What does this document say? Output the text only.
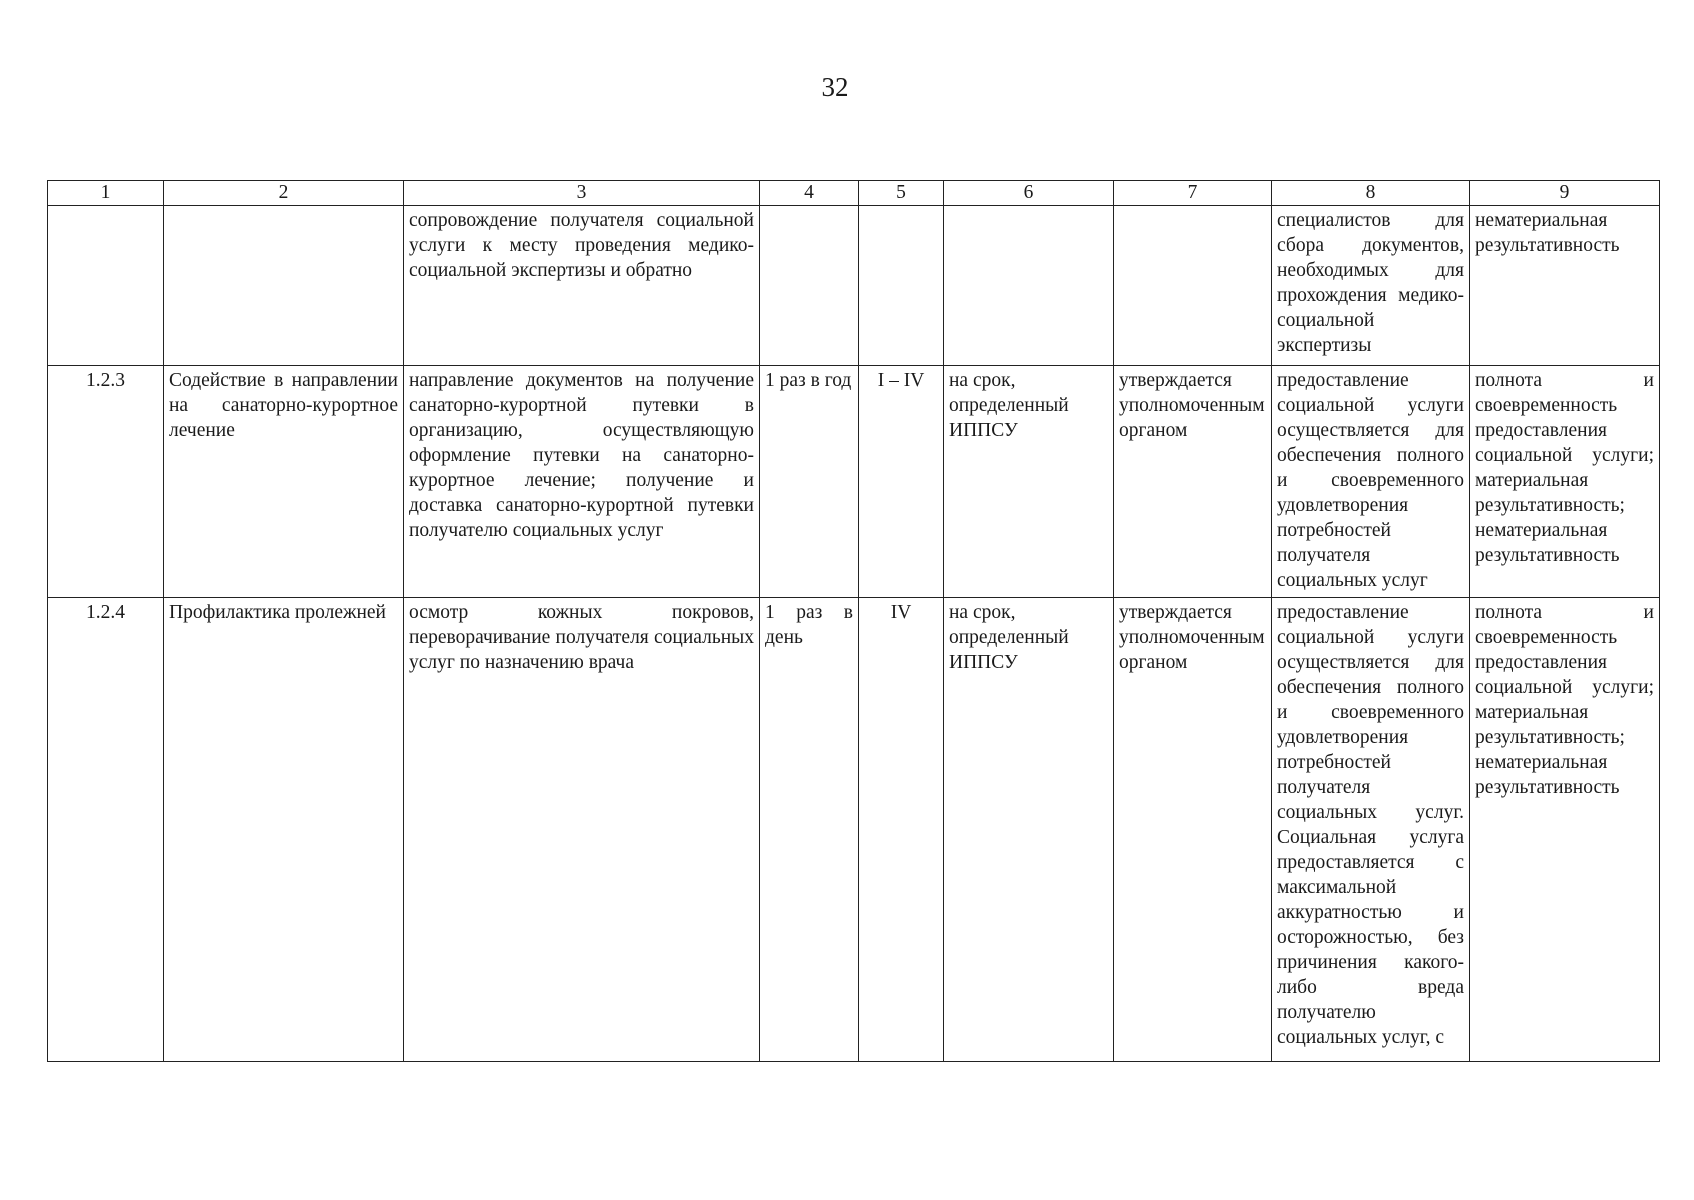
32
1	2	3	4	5	6	7	8	9
		сопровождение получателя социальной услуги к месту проведения медико-социальной экспертизы и обратно					специалистов для сбора документов, необходимых для прохождения медико-социальной экспертизы	нематериальная результативность
1.2.3	Содействие в направлении на санаторно-курортное лечение	направление документов на получение санаторно-курортной путевки в организацию, осуществляющую оформление путевки на санаторно-курортное лечение; получение и доставка санаторно-курортной путевки получателю социальных услуг	1 раз в год	I – IV	на срок, определенный ИППСУ	утверждается уполномоченным органом	предоставление социальной услуги осуществляется для обеспечения полного и своевременного удовлетворения потребностей получателя социальных услуг	полнота и своевременность предоставления социальной услуги; материальная результативность; нематериальная результативность
1.2.4	Профилактика пролежней	осмотр кожных покровов, переворачивание получателя социальных услуг по назначению врача	1 раз в день	IV	на срок, определенный ИППСУ	утверждается уполномоченным органом	предоставление социальной услуги осуществляется для обеспечения полного и своевременного удовлетворения потребностей получателя социальных услуг. Социальная услуга предоставляется с максимальной аккуратностью и осторожностью, без причинения какого-либо вреда получателю социальных услуг, с	полнота и своевременность предоставления социальной услуги; материальная результативность; нематериальная результативность
